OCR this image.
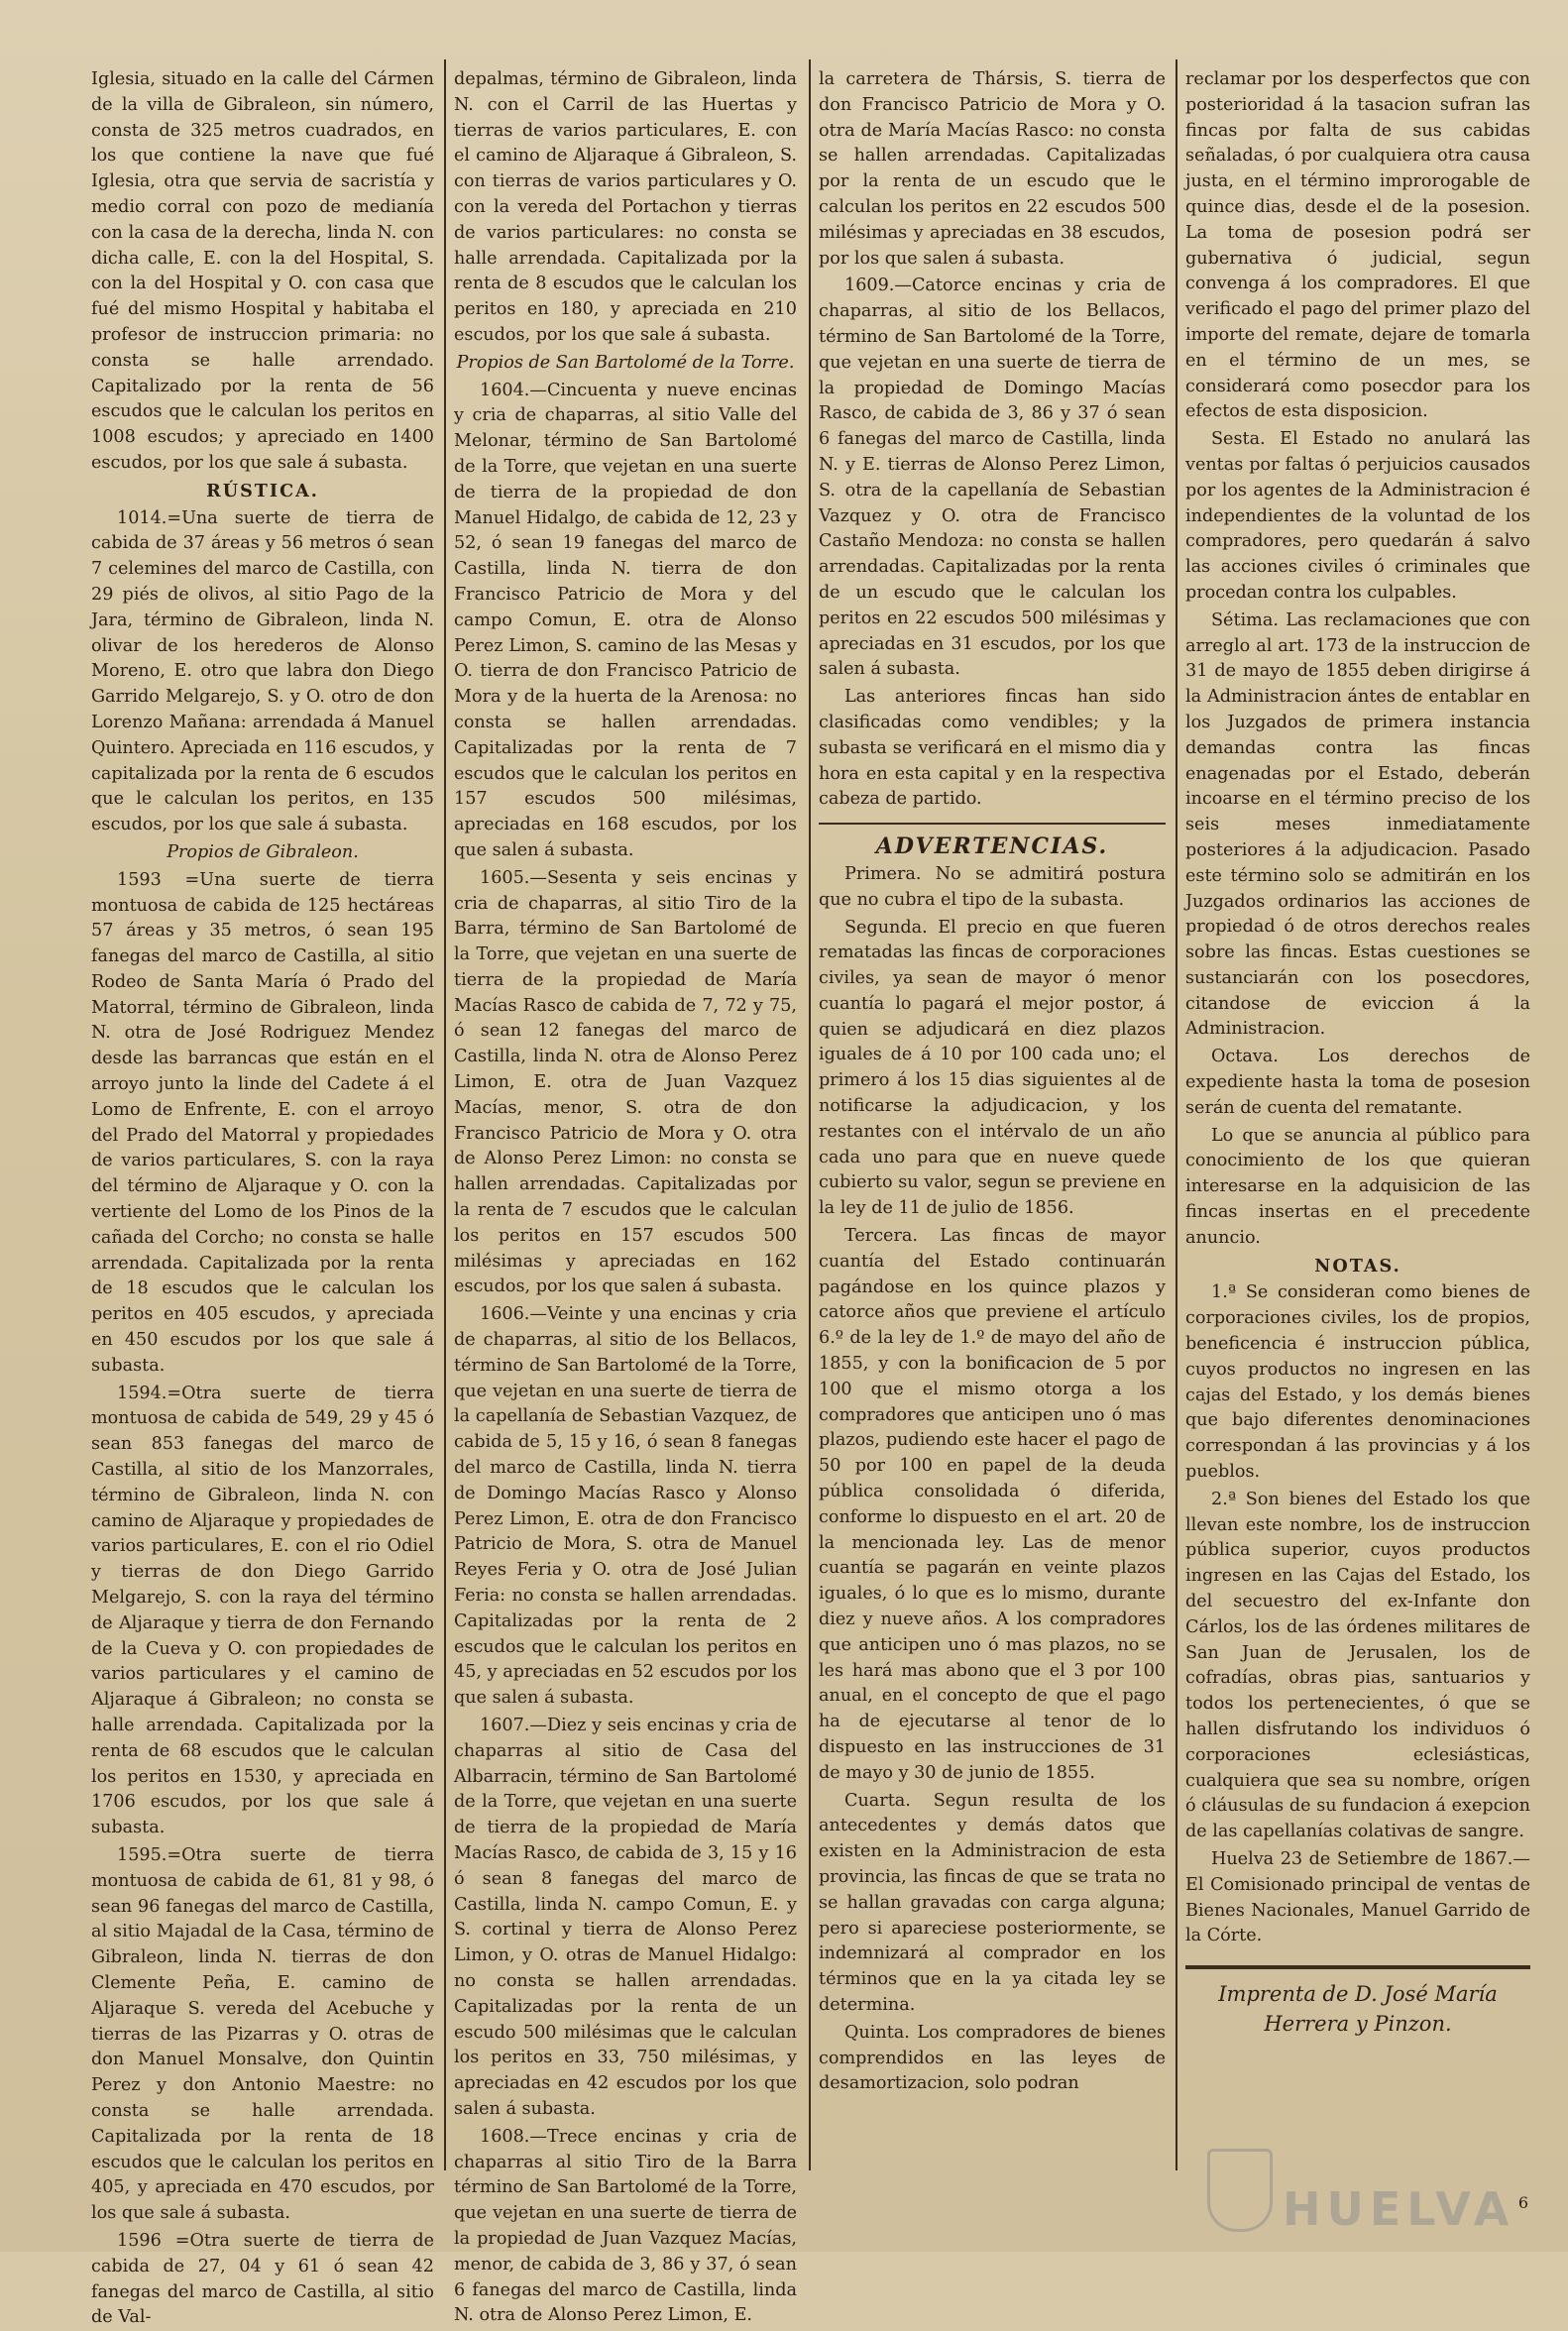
Iglesia, situado en la calle del Cármen de la villa de Gibraleon, sin número, consta de 325 metros cuadrados, en los que contiene la nave que fué Iglesia, otra que servia de sacristía y medio corral con pozo de medianía con la casa de la derecha, linda N. con dicha calle, E. con la del Hospital, S. con la del Hospital y O. con casa que fué del mismo Hospital y habitaba el profesor de instruccion primaria: no consta se halle arrendado. Capitalizado por la renta de 56 escudos que le calculan los peritos en 1008 escudos; y apreciado en 1400 escudos, por los que sale á subasta.

RÚSTICA.

1014.=Una suerte de tierra de cabida de 37 áreas y 56 metros ó sean 7 celemines del marco de Castilla, con 29 piés de olivos, al sitio Pago de la Jara, término de Gibraleon, linda N. olivar de los herederos de Alonso Moreno, E. otro que labra don Diego Garrido Melgarejo, S. y O. otro de don Lorenzo Mañana: arrendada á Manuel Quintero. Apreciada en 116 escudos, y capitalizada por la renta de 6 escudos que le calculan los peritos, en 135 escudos, por los que sale á subasta.

Propios de Gibraleon.

1593 =Una suerte de tierra montuosa de cabida de 125 hectáreas 57 áreas y 35 metros, ó sean 195 fanegas del marco de Castilla, al sitio Rodeo de Santa María ó Prado del Matorral, término de Gibraleon, linda N. otra de José Rodriguez Mendez desde las barrancas que están en el arroyo junto la linde del Cadete á el Lomo de Enfrente, E. con el arroyo del Prado del Matorral y propiedades de varios particulares, S. con la raya del término de Aljaraque y O. con la vertiente del Lomo de los Pinos de la cañada del Corcho; no consta se halle arrendada. Capitalizada por la renta de 18 escudos que le calculan los peritos en 405 escudos, y apreciada en 450 escudos por los que sale á subasta.

1594.=Otra suerte de tierra montuosa de cabida de 549, 29 y 45 ó sean 853 fanegas del marco de Castilla, al sitio de los Manzorrales, término de Gibraleon, linda N. con camino de Aljaraque y propiedades de varios particulares, E. con el rio Odiel y tierras de don Diego Garrido Melgarejo, S. con la raya del término de Aljaraque y tierra de don Fernando de la Cueva y O. con propiedades de varios particulares y el camino de Aljaraque á Gibraleon; no consta se halle arrendada. Capitalizada por la renta de 68 escudos que le calculan los peritos en 1530, y apreciada en 1706 escudos, por los que sale á subasta.

1595.=Otra suerte de tierra montuosa de cabida de 61, 81 y 98, ó sean 96 fanegas del marco de Castilla, al sitio Majadal de la Casa, término de Gibraleon, linda N. tierras de don Clemente Peña, E. camino de Aljaraque S. vereda del Acebuche y tierras de las Pizarras y O. otras de don Manuel Monsalve, don Quintin Perez y don Antonio Maestre: no consta se halle arrendada. Capitalizada por la renta de 18 escudos que le calculan los peritos en 405, y apreciada en 470 escudos, por los que sale á subasta.

1596 =Otra suerte de tierra de cabida de 27, 04 y 61 ó sean 42 fanegas del marco de Castilla, al sitio de Val-

depalmas, término de Gibraleon, linda N. con el Carril de las Huertas y tierras de varios particulares, E. con el camino de Aljaraque á Gibraleon, S. con tierras de varios particulares y O. con la vereda del Portachon y tierras de varios particulares: no consta se halle arrendada. Capitalizada por la renta de 8 escudos que le calculan los peritos en 180, y apreciada en 210 escudos, por los que sale á subasta.

Propios de San Bartolomé de la Torre.

1604.—Cincuenta y nueve encinas y cria de chaparras, al sitio Valle del Melonar, término de San Bartolomé de la Torre, que vejetan en una suerte de tierra de la propiedad de don Manuel Hidalgo, de cabida de 12, 23 y 52, ó sean 19 fanegas del marco de Castilla, linda N. tierra de don Francisco Patricio de Mora y del campo Comun, E. otra de Alonso Perez Limon, S. camino de las Mesas y O. tierra de don Francisco Patricio de Mora y de la huerta de la Arenosa: no consta se hallen arrendadas. Capitalizadas por la renta de 7 escudos que le calculan los peritos en 157 escudos 500 milésimas, apreciadas en 168 escudos, por los que salen á subasta.

1605.—Sesenta y seis encinas y cria de chaparras, al sitio Tiro de la Barra, término de San Bartolomé de la Torre, que vejetan en una suerte de tierra de la propiedad de María Macías Rasco de cabida de 7, 72 y 75, ó sean 12 fanegas del marco de Castilla, linda N. otra de Alonso Perez Limon, E. otra de Juan Vazquez Macías, menor, S. otra de don Francisco Patricio de Mora y O. otra de Alonso Perez Limon: no consta se hallen arrendadas. Capitalizadas por la renta de 7 escudos que le calculan los peritos en 157 escudos 500 milésimas y apreciadas en 162 escudos, por los que salen á subasta.

1606.—Veinte y una encinas y cria de chaparras, al sitio de los Bellacos, término de San Bartolomé de la Torre, que vejetan en una suerte de tierra de la capellanía de Sebastian Vazquez, de cabida de 5, 15 y 16, ó sean 8 fanegas del marco de Castilla, linda N. tierra de Domingo Macías Rasco y Alonso Perez Limon, E. otra de don Francisco Patricio de Mora, S. otra de Manuel Reyes Feria y O. otra de José Julian Feria: no consta se hallen arrendadas. Capitalizadas por la renta de 2 escudos que le calculan los peritos en 45, y apreciadas en 52 escudos por los que salen á subasta.

1607.—Diez y seis encinas y cria de chaparras al sitio de Casa del Albarracin, término de San Bartolomé de la Torre, que vejetan en una suerte de tierra de la propiedad de María Macías Rasco, de cabida de 3, 15 y 16 ó sean 8 fanegas del marco de Castilla, linda N. campo Comun, E. y S. cortinal y tierra de Alonso Perez Limon, y O. otras de Manuel Hidalgo: no consta se hallen arrendadas. Capitalizadas por la renta de un escudo 500 milésimas que le calculan los peritos en 33, 750 milésimas, y apreciadas en 42 escudos por los que salen á subasta.

1608.—Trece encinas y cria de chaparras al sitio Tiro de la Barra término de San Bartolomé de la Torre, que vejetan en una suerte de tierra de la propiedad de Juan Vazquez Macías, menor, de cabida de 3, 86 y 37, ó sean 6 fanegas del marco de Castilla, linda N. otra de Alonso Perez Limon, E.

la carretera de Thársis, S. tierra de don Francisco Patricio de Mora y O. otra de María Macías Rasco: no consta se hallen arrendadas. Capitalizadas por la renta de un escudo que le calculan los peritos en 22 escudos 500 milésimas y apreciadas en 38 escudos, por los que salen á subasta.

1609.—Catorce encinas y cria de chaparras, al sitio de los Bellacos, término de San Bartolomé de la Torre, que vejetan en una suerte de tierra de la propiedad de Domingo Macías Rasco, de cabida de 3, 86 y 37 ó sean 6 fanegas del marco de Castilla, linda N. y E. tierras de Alonso Perez Limon, S. otra de la capellanía de Sebastian Vazquez y O. otra de Francisco Castaño Mendoza: no consta se hallen arrendadas. Capitalizadas por la renta de un escudo que le calculan los peritos en 22 escudos 500 milésimas y apreciadas en 31 escudos, por los que salen á subasta.

Las anteriores fincas han sido clasificadas como vendibles; y la subasta se verificará en el mismo dia y hora en esta capital y en la respectiva cabeza de partido.

ADVERTENCIAS.

Primera. No se admitirá postura que no cubra el tipo de la subasta.

Segunda. El precio en que fueren rematadas las fincas de corporaciones civiles, ya sean de mayor ó menor cuantía lo pagará el mejor postor, á quien se adjudicará en diez plazos iguales de á 10 por 100 cada uno; el primero á los 15 dias siguientes al de notificarse la adjudicacion, y los restantes con el intérvalo de un año cada uno para que en nueve quede cubierto su valor, segun se previene en la ley de 11 de julio de 1856.

Tercera. Las fincas de mayor cuantía del Estado continuarán pagándose en los quince plazos y catorce años que previene el artículo 6.º de la ley de 1.º de mayo del año de 1855, y con la bonificacion de 5 por 100 que el mismo otorga a los compradores que anticipen uno ó mas plazos, pudiendo este hacer el pago de 50 por 100 en papel de la deuda pública consolidada ó diferida, conforme lo dispuesto en el art. 20 de la mencionada ley. Las de menor cuantía se pagarán en veinte plazos iguales, ó lo que es lo mismo, durante diez y nueve años. A los compradores que anticipen uno ó mas plazos, no se les hará mas abono que el 3 por 100 anual, en el concepto de que el pago ha de ejecutarse al tenor de lo dispuesto en las instrucciones de 31 de mayo y 30 de junio de 1855.

Cuarta. Segun resulta de los antecedentes y demás datos que existen en la Administracion de esta provincia, las fincas de que se trata no se hallan gravadas con carga alguna; pero si apareciese posteriormente, se indemnizará al comprador en los términos que en la ya citada ley se determina.

Quinta. Los compradores de bienes comprendidos en las leyes de desamortizacion, solo podran

reclamar por los desperfectos que con posterioridad á la tasacion sufran las fincas por falta de sus cabidas señaladas, ó por cualquiera otra causa justa, en el término improrogable de quince dias, desde el de la posesion. La toma de posesion podrá ser gubernativa ó judicial, segun convenga á los compradores. El que verificado el pago del primer plazo del importe del remate, dejare de tomarla en el término de un mes, se considerará como posecdor para los efectos de esta disposicion.

Sesta. El Estado no anulará las ventas por faltas ó perjuicios causados por los agentes de la Administracion é independientes de la voluntad de los compradores, pero quedarán á salvo las acciones civiles ó criminales que procedan contra los culpables.

Sétima. Las reclamaciones que con arreglo al art. 173 de la instruccion de 31 de mayo de 1855 deben dirigirse á la Administracion ántes de entablar en los Juzgados de primera instancia demandas contra las fincas enagenadas por el Estado, deberán incoarse en el término preciso de los seis meses inmediatamente posteriores á la adjudicacion. Pasado este término solo se admitirán en los Juzgados ordinarios las acciones de propiedad ó de otros derechos reales sobre las fincas. Estas cuestiones se sustanciarán con los posecdores, citandose de eviccion á la Administracion.

Octava. Los derechos de expediente hasta la toma de posesion serán de cuenta del rematante.

Lo que se anuncia al público para conocimiento de los que quieran interesarse en la adquisicion de las fincas insertas en el precedente anuncio.

NOTAS.

1.ª Se consideran como bienes de corporaciones civiles, los de propios, beneficencia é instruccion pública, cuyos productos no ingresen en las cajas del Estado, y los demás bienes que bajo diferentes denominaciones correspondan á las provincias y á los pueblos.

2.ª Son bienes del Estado los que llevan este nombre, los de instruccion pública superior, cuyos productos ingresen en las Cajas del Estado, los del secuestro del ex-Infante don Cárlos, los de las órdenes militares de San Juan de Jerusalen, los de cofradías, obras pias, santuarios y todos los pertenecientes, ó que se hallen disfrutando los individuos ó corporaciones eclesiásticas, cualquiera que sea su nombre, orígen ó cláusulas de su fundacion á exepcion de las capellanías colativas de sangre.

Huelva 23 de Setiembre de 1867.—El Comisionado principal de ventas de Bienes Nacionales, Manuel Garrido de la Córte.

Imprenta de D. José María Herrera y Pinzon.

HUELVA 6
